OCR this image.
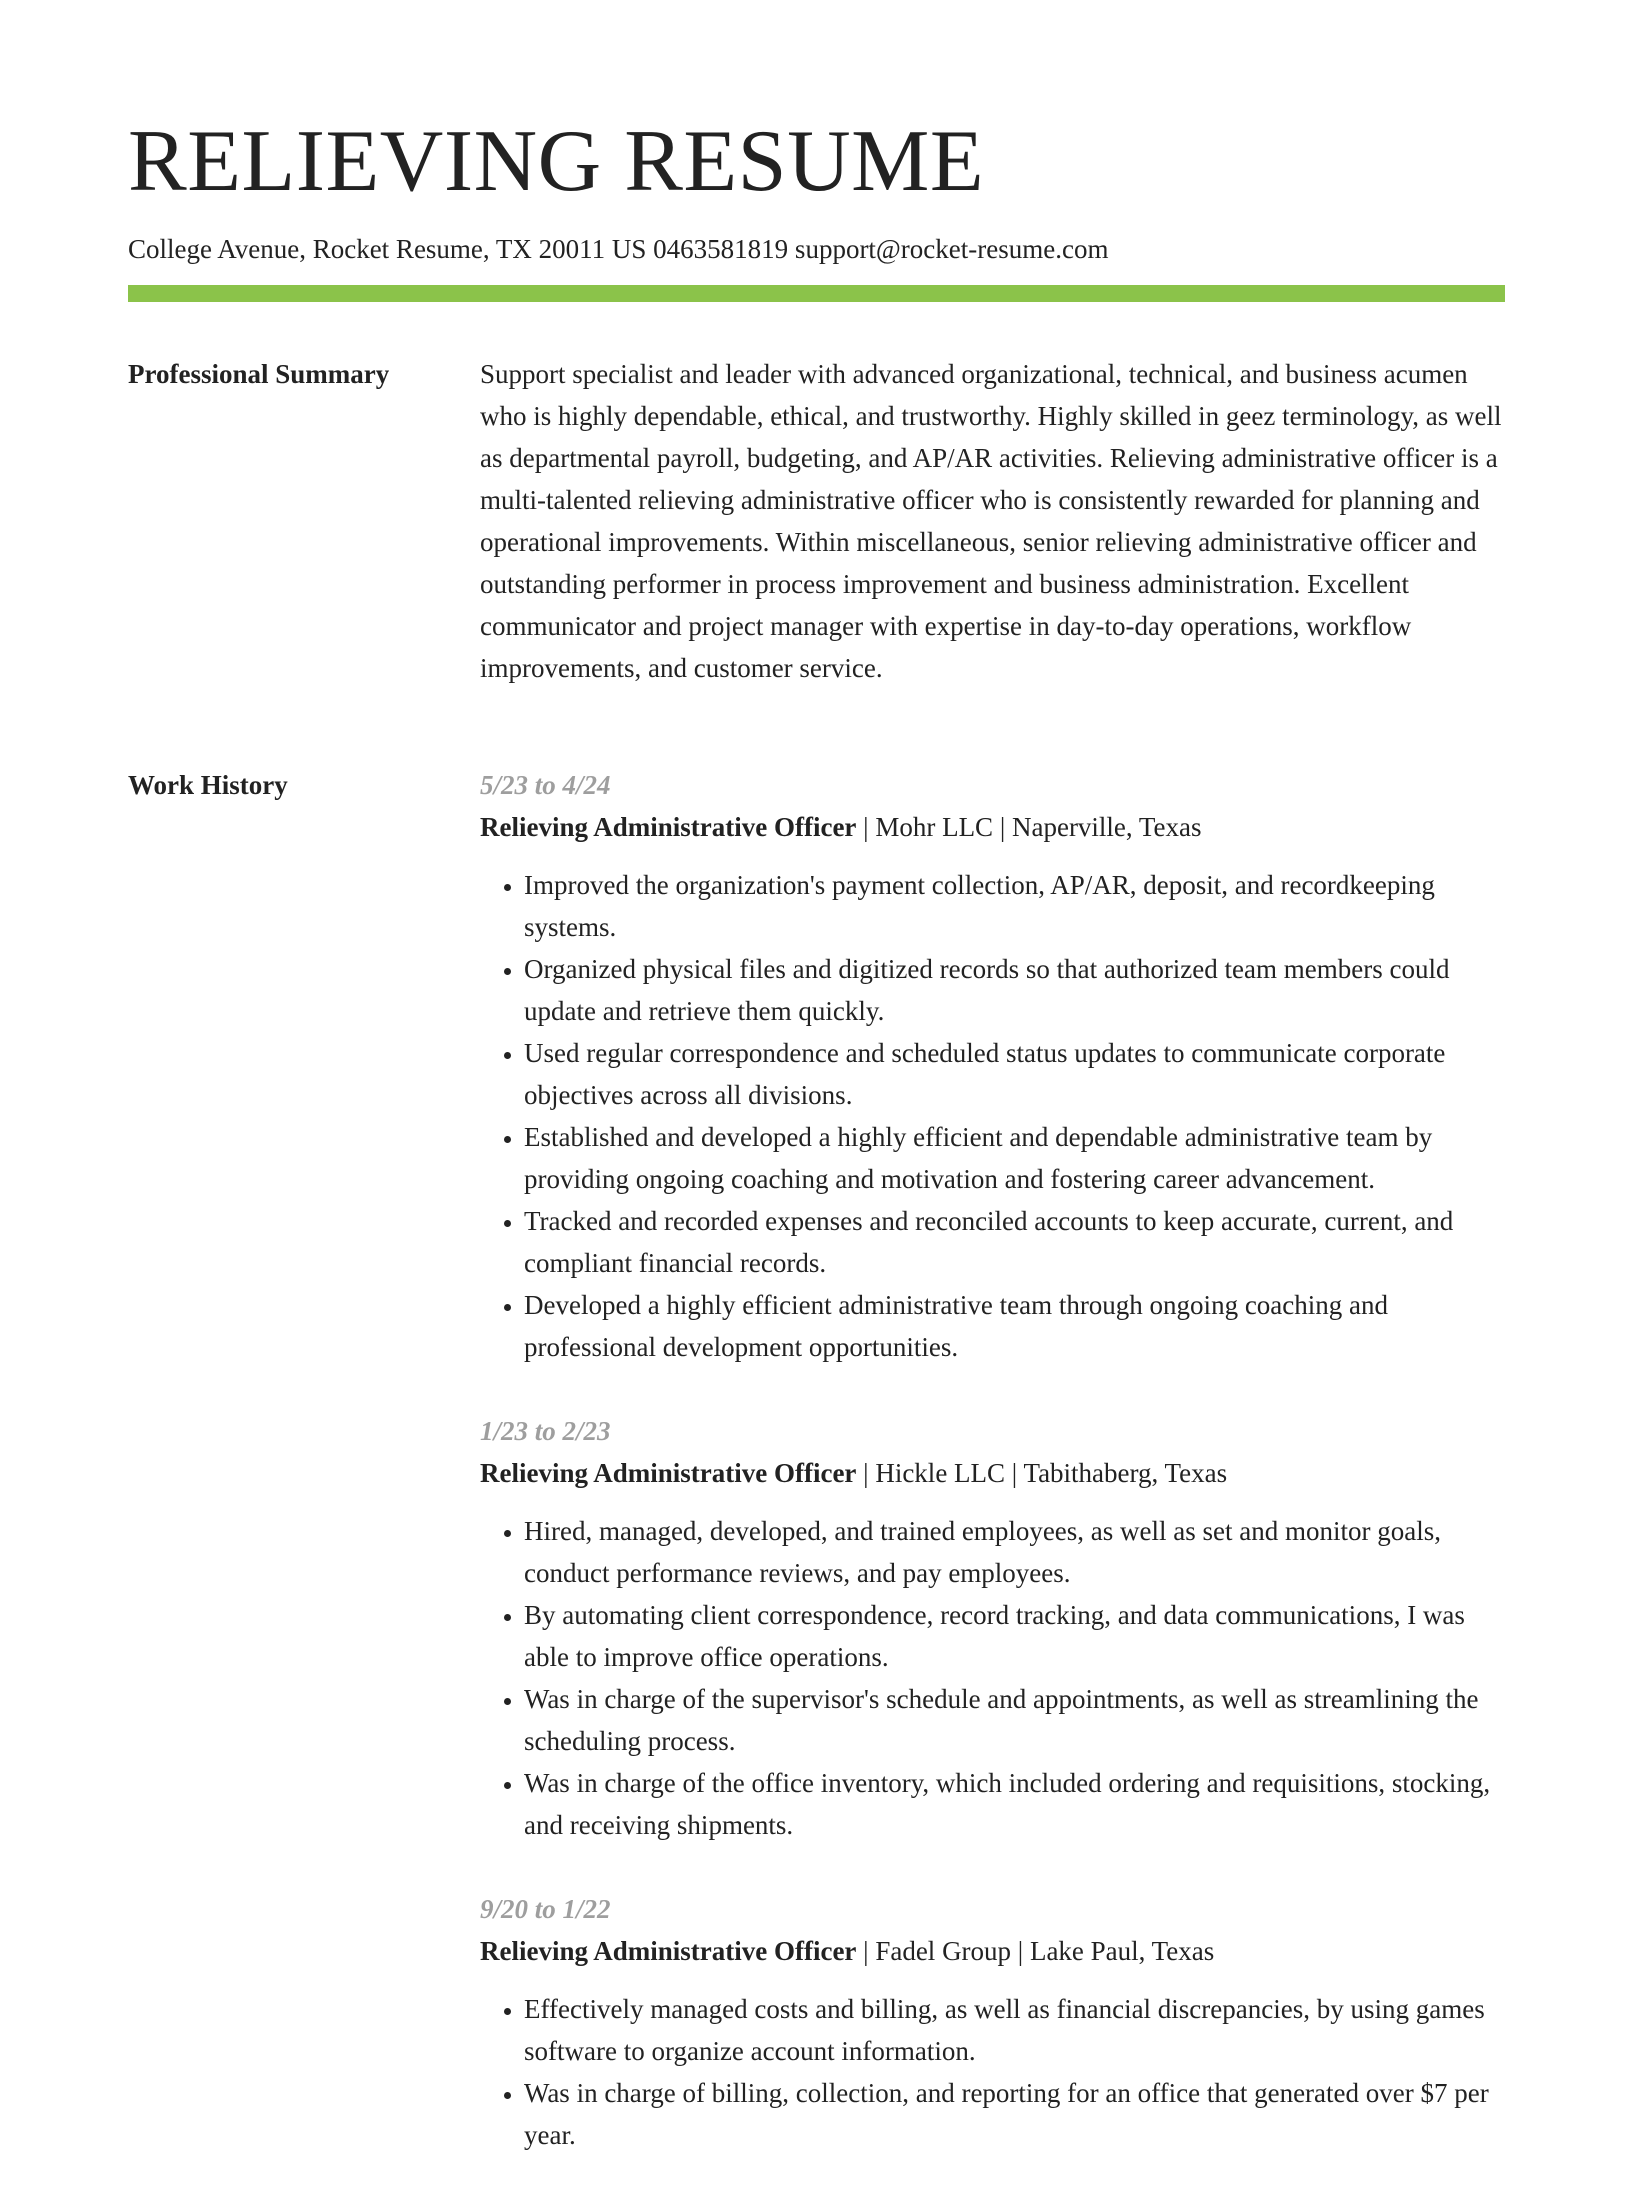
RELIEVING RESUME
College Avenue, Rocket Resume, TX 20011 US 0463581819 support@rocket-resume.com
Professional Summary	Support specialist and leader with advanced organizational, technical, and business acumen who is highly dependable, ethical, and trustworthy. Highly skilled in geez terminology, as well as departmental payroll, budgeting, and AP/AR activities. Relieving administrative officer is a multi-talented relieving administrative officer who is consistently rewarded for planning and operational improvements. Within miscellaneous, senior relieving administrative officer and outstanding performer in process improvement and business administration. Excellent communicator and project manager with expertise in day-to-day operations, workflow improvements, and customer service.

Work History	5/23 to 4/24
Relieving Administrative Officer | Mohr LLC | Naperville, Texas
• Improved the organization's payment collection, AP/AR, deposit, and recordkeeping systems.
• Organized physical files and digitized records so that authorized team members could update and retrieve them quickly.
• Used regular correspondence and scheduled status updates to communicate corporate objectives across all divisions.
• Established and developed a highly efficient and dependable administrative team by providing ongoing coaching and motivation and fostering career advancement.
• Tracked and recorded expenses and reconciled accounts to keep accurate, current, and compliant financial records.
• Developed a highly efficient administrative team through ongoing coaching and professional development opportunities.
1/23 to 2/23
Relieving Administrative Officer | Hickle LLC | Tabithaberg, Texas
• Hired, managed, developed, and trained employees, as well as set and monitor goals, conduct performance reviews, and pay employees.
• By automating client correspondence, record tracking, and data communications, I was able to improve office operations.
• Was in charge of the supervisor's schedule and appointments, as well as streamlining the scheduling process.
• Was in charge of the office inventory, which included ordering and requisitions, stocking, and receiving shipments.
9/20 to 1/22
Relieving Administrative Officer | Fadel Group | Lake Paul, Texas
• Effectively managed costs and billing, as well as financial discrepancies, by using games software to organize account information.
• Was in charge of billing, collection, and reporting for an office that generated over $7 per year.
